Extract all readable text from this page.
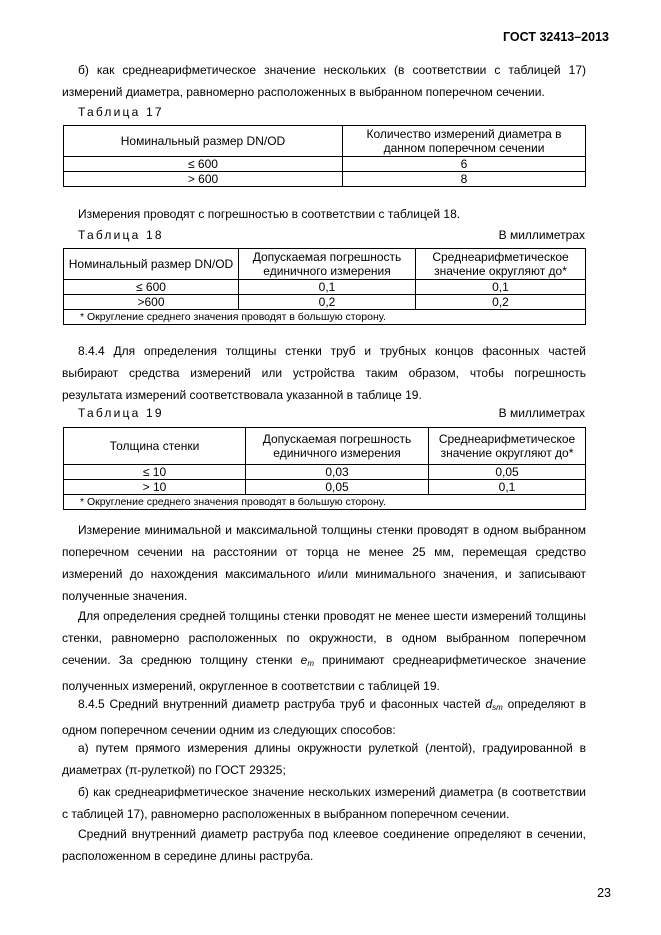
ГОСТ 32413–2013
б) как среднеарифметическое значение нескольких (в соответствии с таблицей 17) измерений диаметра, равномерно расположенных в выбранном поперечном сечении.
Таблица 17
Номинальный размер DN/OD	Количество измерений диаметра в данном поперечном сечении
≤ 600	6
> 600	8
Измерения проводят с погрешностью в соответствии с таблицей 18.
Таблица 18	В миллиметрах
Номинальный размер DN/OD	Допускаемая погрешность единичного измерения	Среднеарифметическое значение округляют до*
≤ 600	0,1	0,1
>600	0,2	0,2
* Округление среднего значения проводят в большую сторону.		
8.4.4 Для определения толщины стенки труб и трубных концов фасонных частей выбирают средства измерений или устройства таким образом, чтобы погрешность результата измерений соответствовала указанной в таблице 19.
Таблица 19	В миллиметрах
Толщина стенки	Допускаемая погрешность единичного измерения	Среднеарифметическое значение округляют до*
≤ 10	0,03	0,05
> 10	0,05	0,1
* Округление среднего значения проводят в большую сторону.		
Измерение минимальной и максимальной толщины стенки проводят в одном выбранном поперечном сечении на расстоянии от торца не менее 25 мм, перемещая средство измерений до нахождения максимального и/или минимального значения, и записывают полученные значения.
Для определения средней толщины стенки проводят не менее шести измерений толщины стенки, равномерно расположенных по окружности, в одном выбранном поперечном сечении. За среднюю толщину стенки $e_m$ принимают среднеарифметическое значение полученных измерений, округленное в соответствии с таблицей 19.
8.4.5 Средний внутренний диаметр раструба труб и фасонных частей $d_{sm}$ определяют в одном поперечном сечении одним из следующих способов:
а) путем прямого измерения длины окружности рулеткой (лентой), градуированной в диаметрах (π-рулеткой) по ГОСТ 29325;
б) как среднеарифметическое значение нескольких измерений диаметра (в соответствии с таблицей 17), равномерно расположенных в выбранном поперечном сечении.
Средний внутренний диаметр раструба под клеевое соединение определяют в сечении, расположенном в середине длины раструба.
23
